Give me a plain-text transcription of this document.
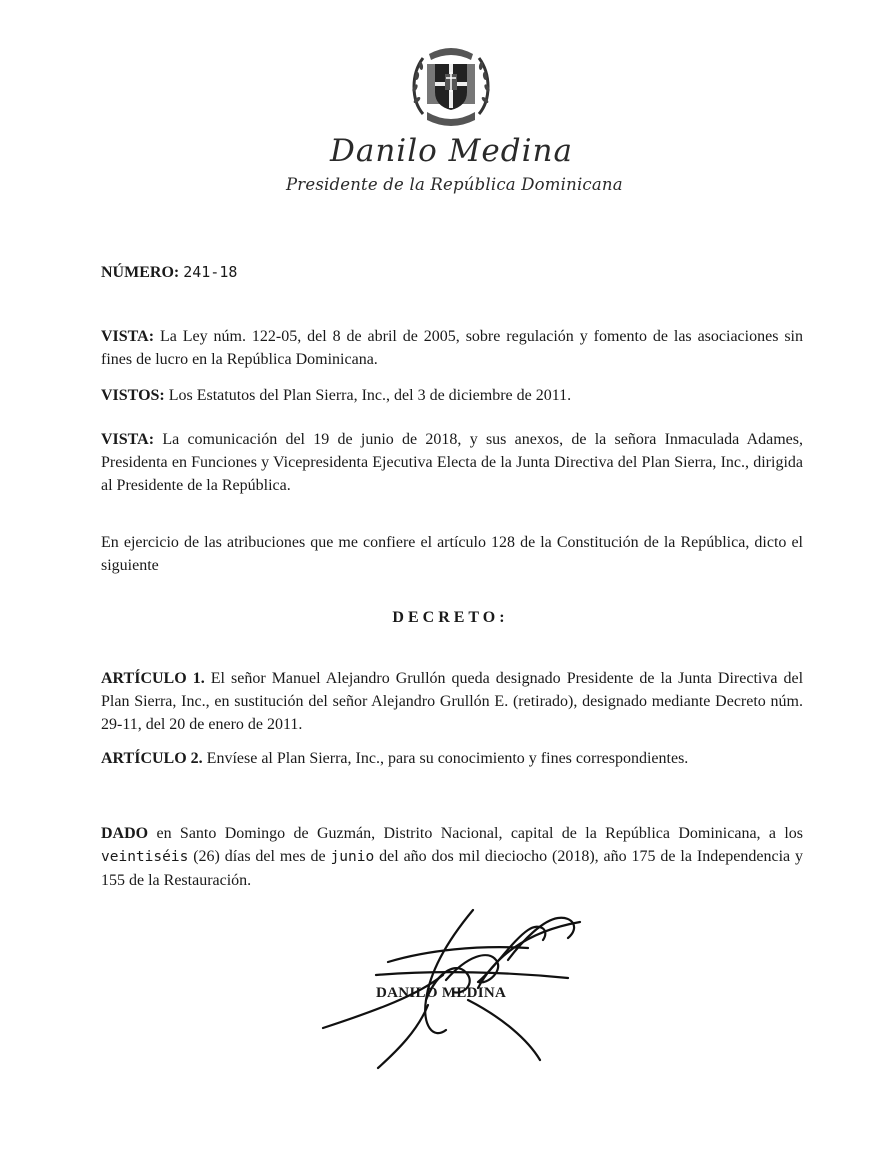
Danilo Medina
Presidente de la República Dominicana
NÚMERO: 241-18
VISTA: La Ley núm. 122-05, del 8 de abril de 2005, sobre regulación y fomento de las asociaciones sin fines de lucro en la República Dominicana.
VISTOS: Los Estatutos del Plan Sierra, Inc., del 3 de diciembre de 2011.
VISTA: La comunicación del 19 de junio de 2018, y sus anexos, de la señora Inmaculada Adames, Presidenta en Funciones y Vicepresidenta Ejecutiva Electa de la Junta Directiva del Plan Sierra, Inc., dirigida al Presidente de la República.
En ejercicio de las atribuciones que me confiere el artículo 128 de la Constitución de la República, dicto el siguiente
DECRETO:
ARTÍCULO 1. El señor Manuel Alejandro Grullón queda designado Presidente de la Junta Directiva del Plan Sierra, Inc., en sustitución del señor Alejandro Grullón E. (retirado), designado mediante Decreto núm. 29-11, del 20 de enero de 2011.
ARTÍCULO 2. Envíese al Plan Sierra, Inc., para su conocimiento y fines correspondientes.
DADO en Santo Domingo de Guzmán, Distrito Nacional, capital de la República Dominicana, a los veintiséis (26) días del mes de junio del año dos mil dieciocho (2018), año 175 de la Independencia y 155 de la Restauración.
DANILO MEDINA
